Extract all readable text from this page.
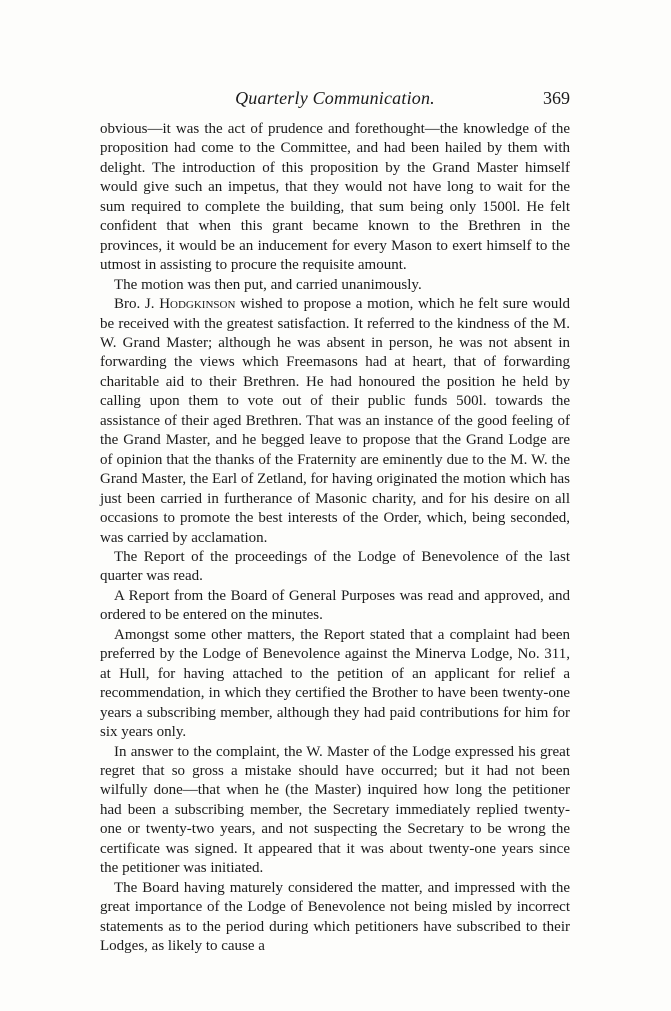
Quarterly Communication.	369

obvious—it was the act of prudence and forethought—the knowledge of the proposition had come to the Committee, and had been hailed by them with delight. The introduction of this proposition by the Grand Master himself would give such an impetus, that they would not have long to wait for the sum required to complete the building, that sum being only 1500l. He felt confident that when this grant became known to the Brethren in the provinces, it would be an inducement for every Mason to exert himself to the utmost in assisting to procure the requisite amount.

The motion was then put, and carried unanimously.

Bro. J. Hodgkinson wished to propose a motion, which he felt sure would be received with the greatest satisfaction. It referred to the kindness of the M. W. Grand Master; although he was absent in person, he was not absent in forwarding the views which Freemasons had at heart, that of forwarding charitable aid to their Brethren. He had honoured the position he held by calling upon them to vote out of their public funds 500l. towards the assistance of their aged Brethren. That was an instance of the good feeling of the Grand Master, and he begged leave to propose that the Grand Lodge are of opinion that the thanks of the Fraternity are eminently due to the M. W. the Grand Master, the Earl of Zetland, for having originated the motion which has just been carried in furtherance of Masonic charity, and for his desire on all occasions to promote the best interests of the Order, which, being seconded, was carried by acclamation.

The Report of the proceedings of the Lodge of Benevolence of the last quarter was read.

A Report from the Board of General Purposes was read and approved, and ordered to be entered on the minutes.

Amongst some other matters, the Report stated that a complaint had been preferred by the Lodge of Benevolence against the Minerva Lodge, No. 311, at Hull, for having attached to the petition of an applicant for relief a recommendation, in which they certified the Brother to have been twenty-one years a subscribing member, although they had paid contributions for him for six years only.

In answer to the complaint, the W. Master of the Lodge expressed his great regret that so gross a mistake should have occurred; but it had not been wilfully done—that when he (the Master) inquired how long the petitioner had been a subscribing member, the Secretary immediately replied twenty-one or twenty-two years, and not suspecting the Secretary to be wrong the certificate was signed. It appeared that it was about twenty-one years since the petitioner was initiated.

The Board having maturely considered the matter, and impressed with the great importance of the Lodge of Benevolence not being misled by incorrect statements as to the period during which petitioners have subscribed to their Lodges, as likely to cause a
